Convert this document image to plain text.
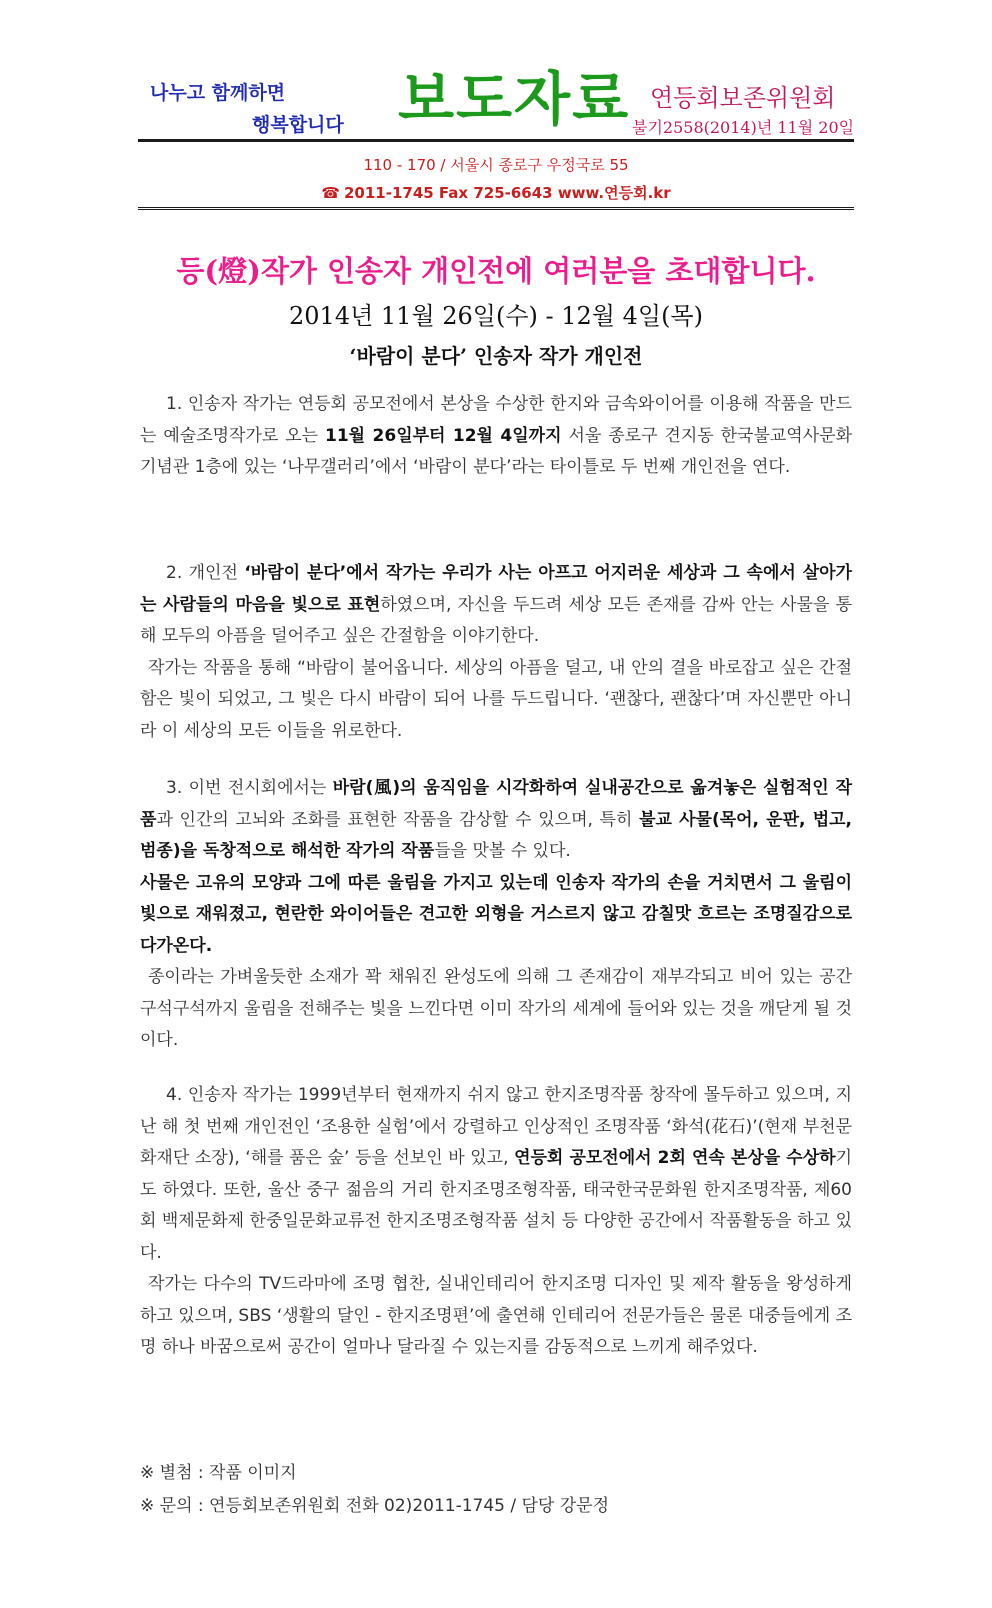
나누고 함께하면
행복합니다 보도자료 연등회보존위원회
불기2558(2014)년 11월 20일
110 - 170 / 서울시 종로구 우정국로 55
☎ 2011-1745 Fax 725-6643 www.연등회.kr
등(燈)작가 인송자 개인전에 여러분을 초대합니다.
2014년 11월 26일(수) - 12월 4일(목)
‘바람이 분다’ 인송자 작가 개인전
1. 인송자 작가는 연등회 공모전에서 본상을 수상한 한지와 금속와이어를 이용해 작품을 만드는 예술조명작가로 오는 11월 26일부터 12월 4일까지 서울 종로구 견지동 한국불교역사문화기념관 1층에 있는 ‘나무갤러리’에서 ‘바람이 분다’라는 타이틀로 두 번째 개인전을 연다.

2. 개인전 ‘바람이 분다’에서 작가는 우리가 사는 아프고 어지러운 세상과 그 속에서 살아가는 사람들의 마음을 빛으로 표현하였으며, 자신을 두드려 세상 모든 존재를 감싸 안는 사물을 통해 모두의 아픔을 덜어주고 싶은 간절함을 이야기한다.

작가는 작품을 통해 “바람이 불어옵니다. 세상의 아픔을 덜고, 내 안의 결을 바로잡고 싶은 간절함은 빛이 되었고, 그 빛은 다시 바람이 되어 나를 두드립니다. ‘괜찮다, 괜찮다’며 자신뿐만 아니라 이 세상의 모든 이들을 위로한다.

3. 이번 전시회에서는 바람(風)의 움직임을 시각화하여 실내공간으로 옮겨놓은 실험적인 작품과 인간의 고뇌와 조화를 표현한 작품을 감상할 수 있으며, 특히 불교 사물(목어, 운판, 법고, 범종)을 독창적으로 해석한 작가의 작품들을 맛볼 수 있다.

사물은 고유의 모양과 그에 따른 울림을 가지고 있는데 인송자 작가의 손을 거치면서 그 울림이 빛으로 재워졌고, 현란한 와이어들은 견고한 외형을 거스르지 않고 감칠맛 흐르는 조명질감으로 다가온다.

종이라는 가벼울듯한 소재가 꽉 채워진 완성도에 의해 그 존재감이 재부각되고 비어 있는 공간 구석구석까지 울림을 전해주는 빛을 느낀다면 이미 작가의 세계에 들어와 있는 것을 깨닫게 될 것이다.

4. 인송자 작가는 1999년부터 현재까지 쉬지 않고 한지조명작품 창작에 몰두하고 있으며, 지난 해 첫 번째 개인전인 ‘조용한 실험’에서 강렬하고 인상적인 조명작품 ‘화석(花石)’(현재 부천문화재단 소장), ‘해를 품은 숲’ 등을 선보인 바 있고, 연등회 공모전에서 2회 연속 본상을 수상하기도 하였다. 또한, 울산 중구 젊음의 거리 한지조명조형작품, 태국한국문화원 한지조명작품, 제60회 백제문화제 한중일문화교류전 한지조명조형작품 설치 등 다양한 공간에서 작품활동을 하고 있다.

작가는 다수의 TV드라마에 조명 협찬, 실내인테리어 한지조명 디자인 및 제작 활동을 왕성하게 하고 있으며, SBS ‘생활의 달인 - 한지조명편’에 출연해 인테리어 전문가들은 물론 대중들에게 조명 하나 바꿈으로써 공간이 얼마나 달라질 수 있는지를 감동적으로 느끼게 해주었다.

※ 별첨 : 작품 이미지
※ 문의 : 연등회보존위원회 전화 02)2011-1745 / 담당 강문정
